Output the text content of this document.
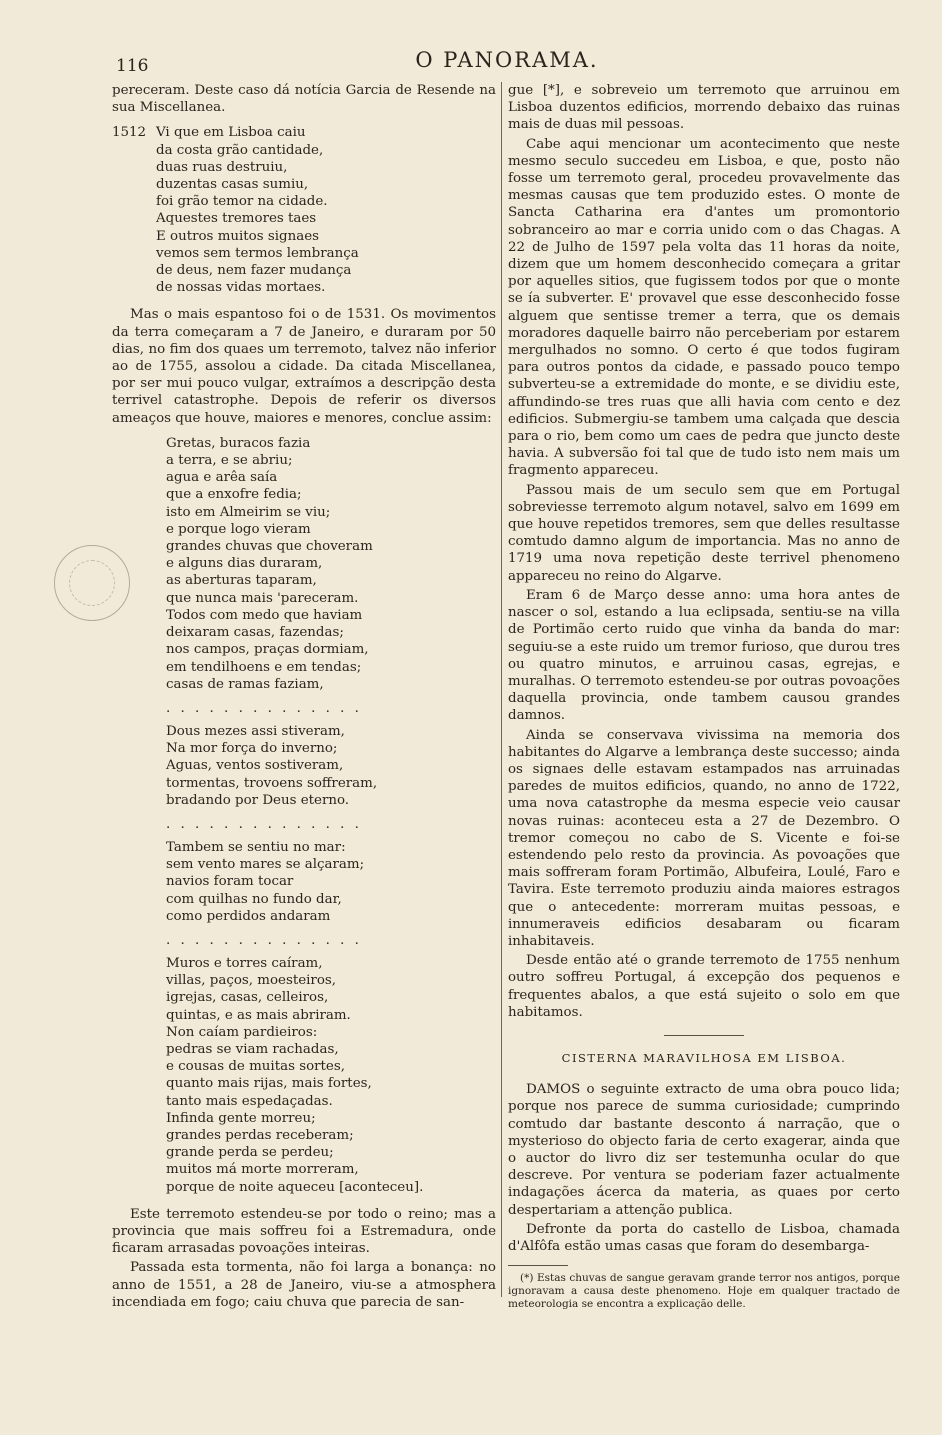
116	O PANORAMA.

pereceram. Deste caso dá notícia Garcia de Resende na sua Miscellanea.

1512 Vi que em Lisboa caiu
da costa grão cantidade,
duas ruas destruiu,
duzentas casas sumiu,
foi grão temor na cidade.
Aquestes tremores taes
E outros muitos signaes
vemos sem termos lembrança
de deus, nem fazer mudança
de nossas vidas mortaes.

Mas o mais espantoso foi o de 1531. Os movimentos da terra começaram a 7 de Janeiro, e duraram por 50 dias, no fim dos quaes um terremoto, talvez não inferior ao de 1755, assolou a cidade. Da citada Miscellanea, por ser mui pouco vulgar, extraímos a descripção desta terrivel catastrophe. Depois de referir os diversos ameaços que houve, maiores e menores, conclue assim:

Gretas, buracos fazia
a terra, e se abriu;
agua e arêa saía
que a enxofre fedia;
isto em Almeirim se viu;
e porque logo vieram
grandes chuvas que choveram
e alguns dias duraram,
as aberturas taparam,
que nunca mais 'pareceram.
Todos com medo que haviam
deixaram casas, fazendas;
nos campos, praças dormiam,
em tendilhoens e em tendas;
casas de ramas faziam,
. . . . . . . . . . . . . .
Dous mezes assi stiveram,
Na mor força do inverno;
Aguas, ventos sostiveram,
tormentas, trovoens soffreram,
bradando por Deus eterno.
. . . . . . . . . . . . . .
Tambem se sentiu no mar:
sem vento mares se alçaram;
navios foram tocar
com quilhas no fundo dar,
como perdidos andaram
. . . . . . . . . . . . . .
Muros e torres caíram,
villas, paços, moesteiros,
igrejas, casas, celleiros,
quintas, e as mais abriram.
Non caíam pardieiros:
pedras se viam rachadas,
e cousas de muitas sortes,
quanto mais rijas, mais fortes,
tanto mais espedaçadas.
Infinda gente morreu;
grandes perdas receberam;
grande perda se perdeu;
muitos má morte morreram,
porque de noite aqueceu [aconteceu].

Este terremoto estendeu-se por todo o reino; mas a provincia que mais soffreu foi a Estremadura, onde ficaram arrasadas povoações inteiras.

Passada esta tormenta, não foi larga a bonança: no anno de 1551, a 28 de Janeiro, viu-se a atmosphera incendiada em fogo; caiu chuva que parecia de san-

gue [*], e sobreveio um terremoto que arruinou em Lisboa duzentos edificios, morrendo debaixo das ruinas mais de duas mil pessoas.

Cabe aqui mencionar um acontecimento que neste mesmo seculo succedeu em Lisboa, e que, posto não fosse um terremoto geral, procedeu provavelmente das mesmas causas que tem produzido estes. O monte de Sancta Catharina era d'antes um promontorio sobranceiro ao mar e corria unido com o das Chagas. A 22 de Julho de 1597 pela volta das 11 horas da noite, dizem que um homem desconhecido começara a gritar por aquelles sitios, que fugissem todos por que o monte se ía subverter. E' provavel que esse desconhecido fosse alguem que sentisse tremer a terra, que os demais moradores daquelle bairro não perceberiam por estarem mergulhados no somno. O certo é que todos fugiram para outros pontos da cidade, e passado pouco tempo subverteu-se a extremidade do monte, e se dividiu este, affundindo-se tres ruas que alli havia com cento e dez edificios. Submergiu-se tambem uma calçada que descia para o rio, bem como um caes de pedra que juncto deste havia. A subversão foi tal que de tudo isto nem mais um fragmento appareceu.

Passou mais de um seculo sem que em Portugal sobreviesse terremoto algum notavel, salvo em 1699 em que houve repetidos tremores, sem que delles resultasse comtudo damno algum de importancia. Mas no anno de 1719 uma nova repetição deste terrivel phenomeno appareceu no reino do Algarve.

Eram 6 de Março desse anno: uma hora antes de nascer o sol, estando a lua eclipsada, sentiu-se na villa de Portimão certo ruido que vinha da banda do mar: seguiu-se a este ruido um tremor furioso, que durou tres ou quatro minutos, e arruinou casas, egrejas, e muralhas. O terremoto estendeu-se por outras povoações daquella provincia, onde tambem causou grandes damnos.

Ainda se conservava vivissima na memoria dos habitantes do Algarve a lembrança deste successo; ainda os signaes delle estavam estampados nas arruinadas paredes de muitos edificios, quando, no anno de 1722, uma nova catastrophe da mesma especie veio causar novas ruinas: aconteceu esta a 27 de Dezembro. O tremor começou no cabo de S. Vicente e foi-se estendendo pelo resto da provincia. As povoações que mais soffreram foram Portimão, Albufeira, Loulé, Faro e Tavira. Este terremoto produziu ainda maiores estragos que o antecedente: morreram muitas pessoas, e innumeraveis edificios desabaram ou ficaram inhabitaveis.

Desde então até o grande terremoto de 1755 nenhum outro soffreu Portugal, á excepção dos pequenos e frequentes abalos, a que está sujeito o solo em que habitamos.

CISTERNA MARAVILHOSA EM LISBOA.

DAMOS o seguinte extracto de uma obra pouco lida; porque nos parece de summa curiosidade; cumprindo comtudo dar bastante desconto á narração, que o mysterioso do objecto faria de certo exagerar, ainda que o auctor do livro diz ser testemunha ocular do que descreve. Por ventura se poderiam fazer actualmente indagações ácerca da materia, as quaes por certo despertariam a attenção publica.

Defronte da porta do castello de Lisboa, chamada d'Alfôfa estão umas casas que foram do desembarga-

(*) Estas chuvas de sangue geravam grande terror nos antigos, porque ignoravam a causa deste phenomeno. Hoje em qualquer tractado de meteorologia se encontra a explicação delle.
